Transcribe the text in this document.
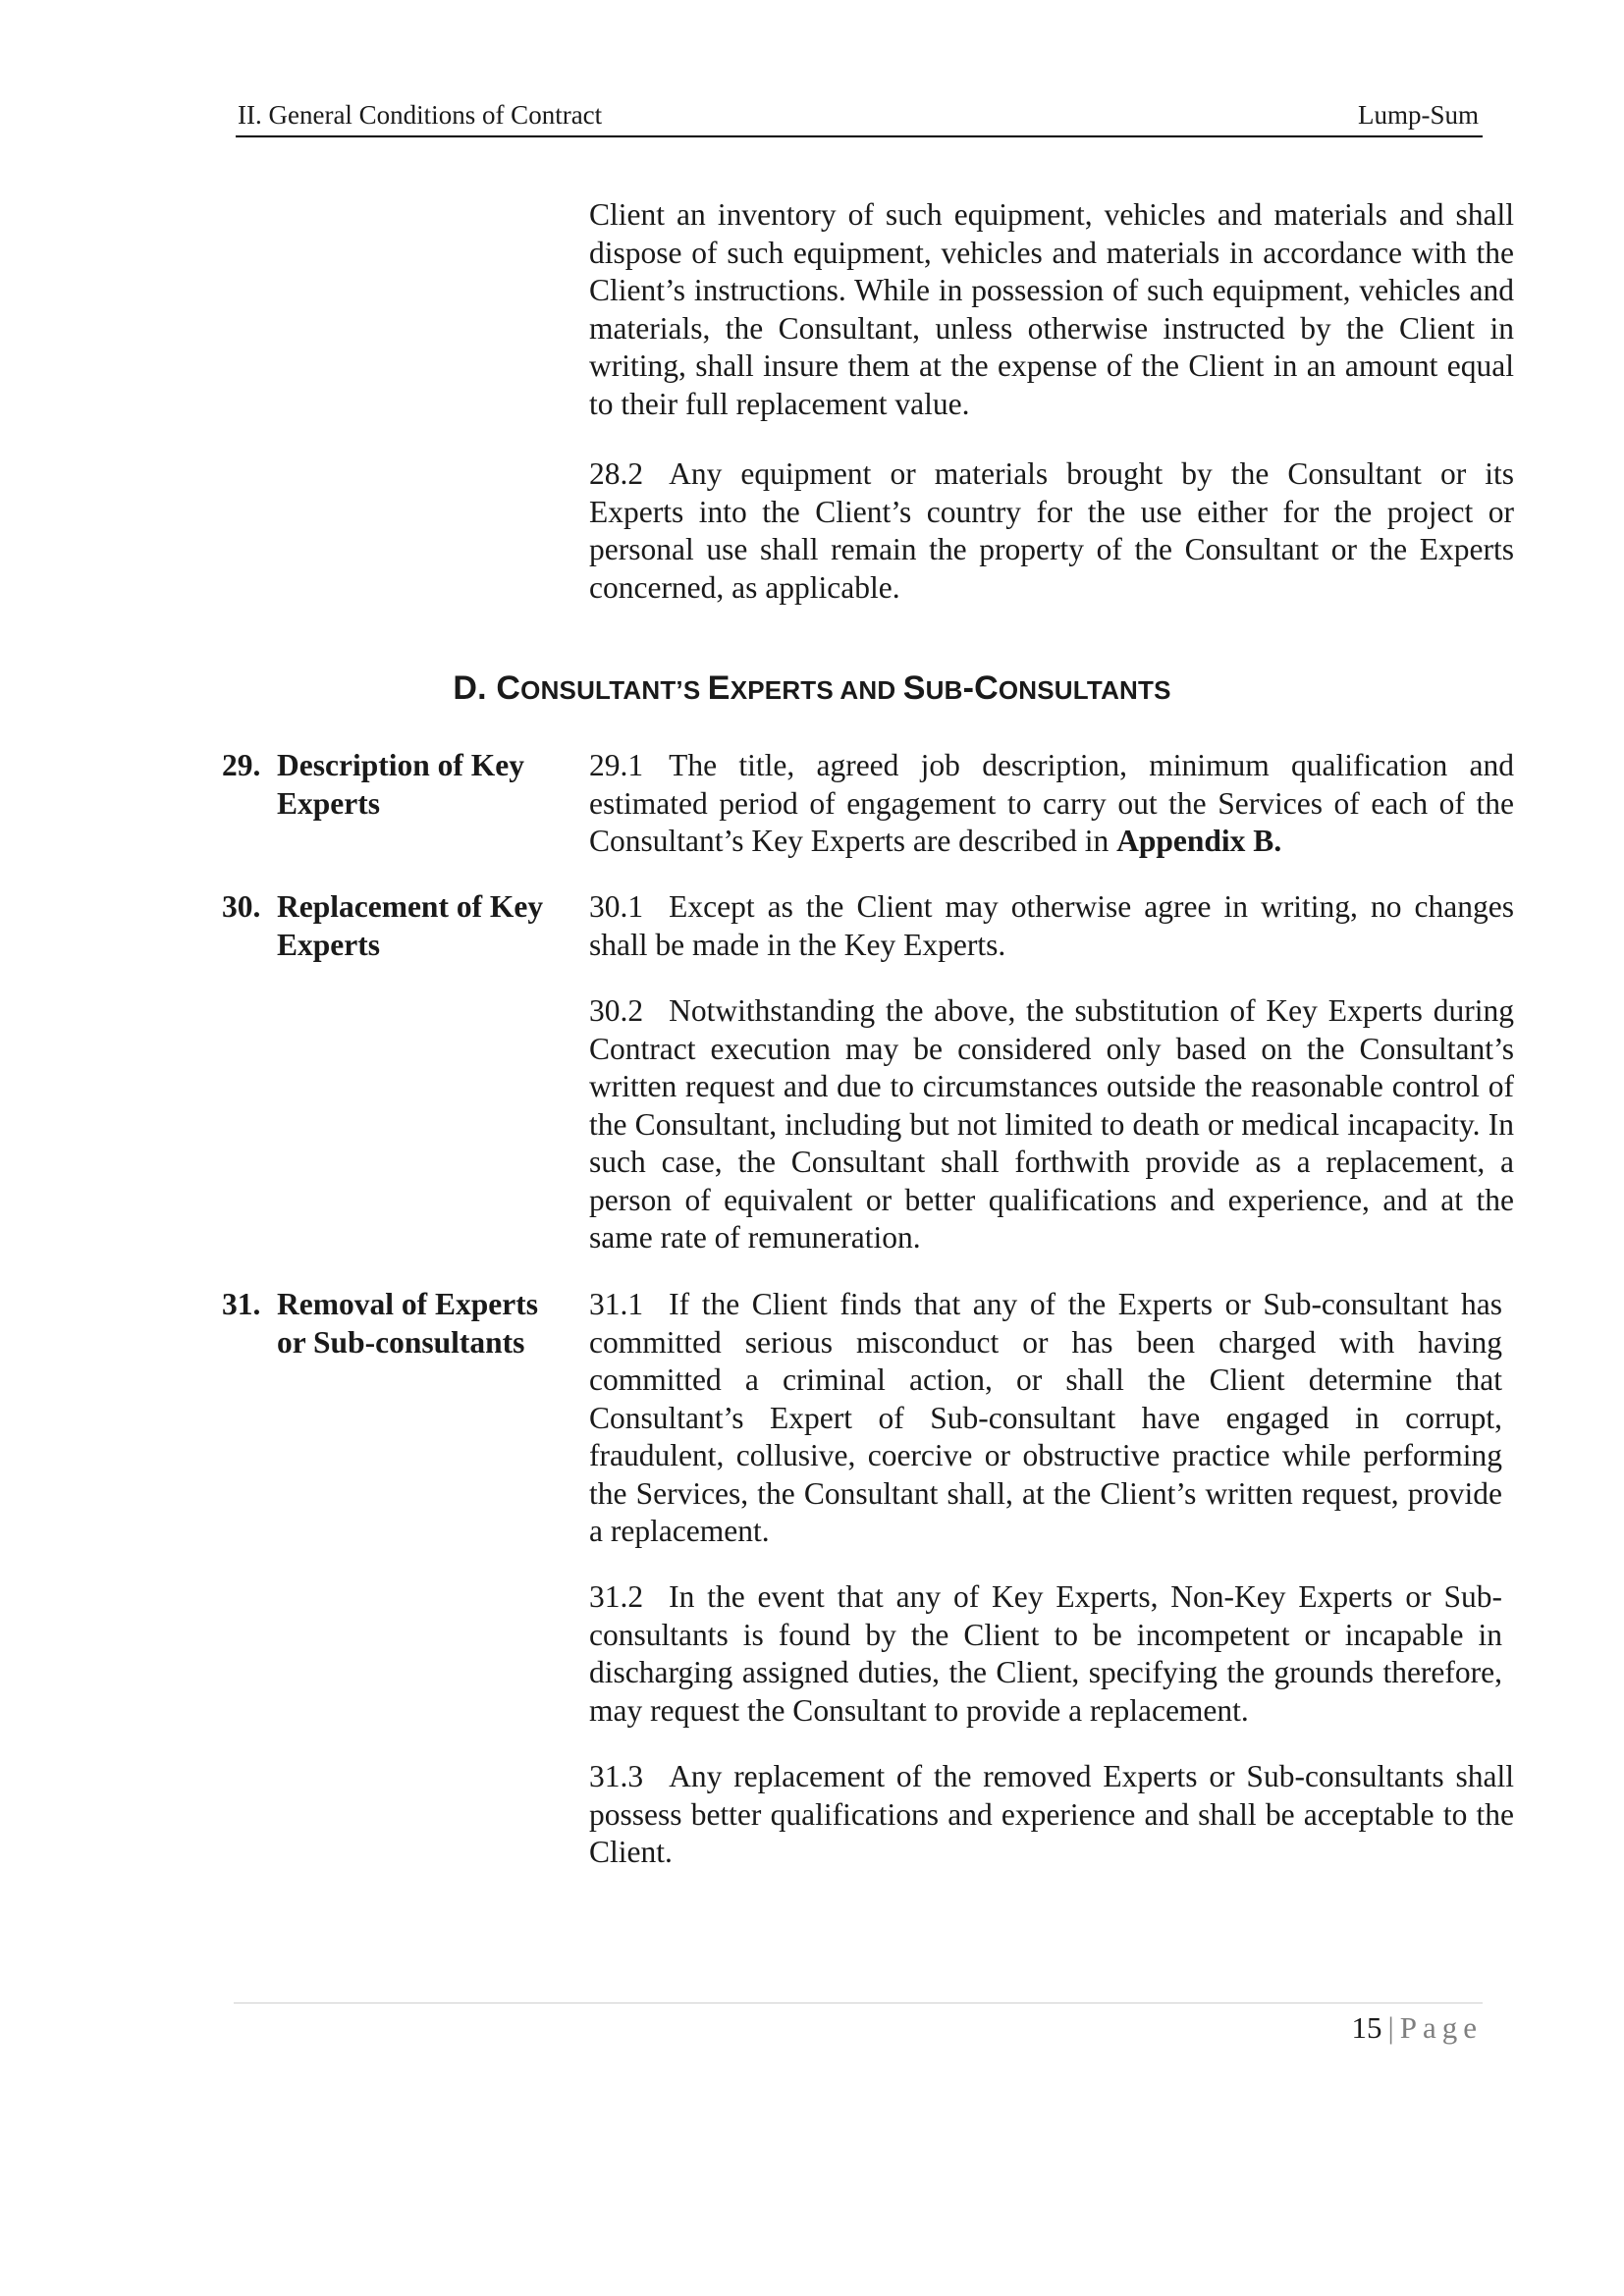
II. General Conditions of Contract	Lump-Sum

Client an inventory of such equipment, vehicles and materials and shall dispose of such equipment, vehicles and materials in accordance with the Client’s instructions. While in possession of such equipment, vehicles and materials, the Consultant, unless otherwise instructed by the Client in writing, shall insure them at the expense of the Client in an amount equal to their full replacement value.

28.2 Any equipment or materials brought by the Consultant or its Experts into the Client’s country for the use either for the project or personal use shall remain the property of the Consultant or the Experts concerned, as applicable.

D. CONSULTANT’S EXPERTS AND SUB-CONSULTANTS
29. Description of Key
Experts

29.1 The title, agreed job description, minimum qualification and estimated period of engagement to carry out the Services of each of the Consultant’s Key Experts are described in Appendix B.

30. Replacement of Key
Experts

30.1 Except as the Client may otherwise agree in writing, no changes shall be made in the Key Experts.

30.2 Notwithstanding the above, the substitution of Key Experts during Contract execution may be considered only based on the Consultant’s written request and due to circumstances outside the reasonable control of the Consultant, including but not limited to death or medical incapacity. In such case, the Consultant shall forthwith provide as a replacement, a person of equivalent or better qualifications and experience, and at the same rate of remuneration.

31. Removal of Experts
or Sub-consultants

31.1 If the Client finds that any of the Experts or Sub-consultant has committed serious misconduct or has been charged with having committed a criminal action, or shall the Client determine that Consultant’s Expert of Sub-consultant have engaged in corrupt, fraudulent, collusive, coercive or obstructive practice while performing the Services, the Consultant shall, at the Client’s written request, provide a replacement.

31.2 In the event that any of Key Experts, Non-Key Experts or Sub-consultants is found by the Client to be incompetent or incapable in discharging assigned duties, the Client, specifying the grounds therefore, may request the Consultant to provide a replacement.

31.3 Any replacement of the removed Experts or Sub-consultants shall possess better qualifications and experience and shall be acceptable to the Client.

15 | Page
